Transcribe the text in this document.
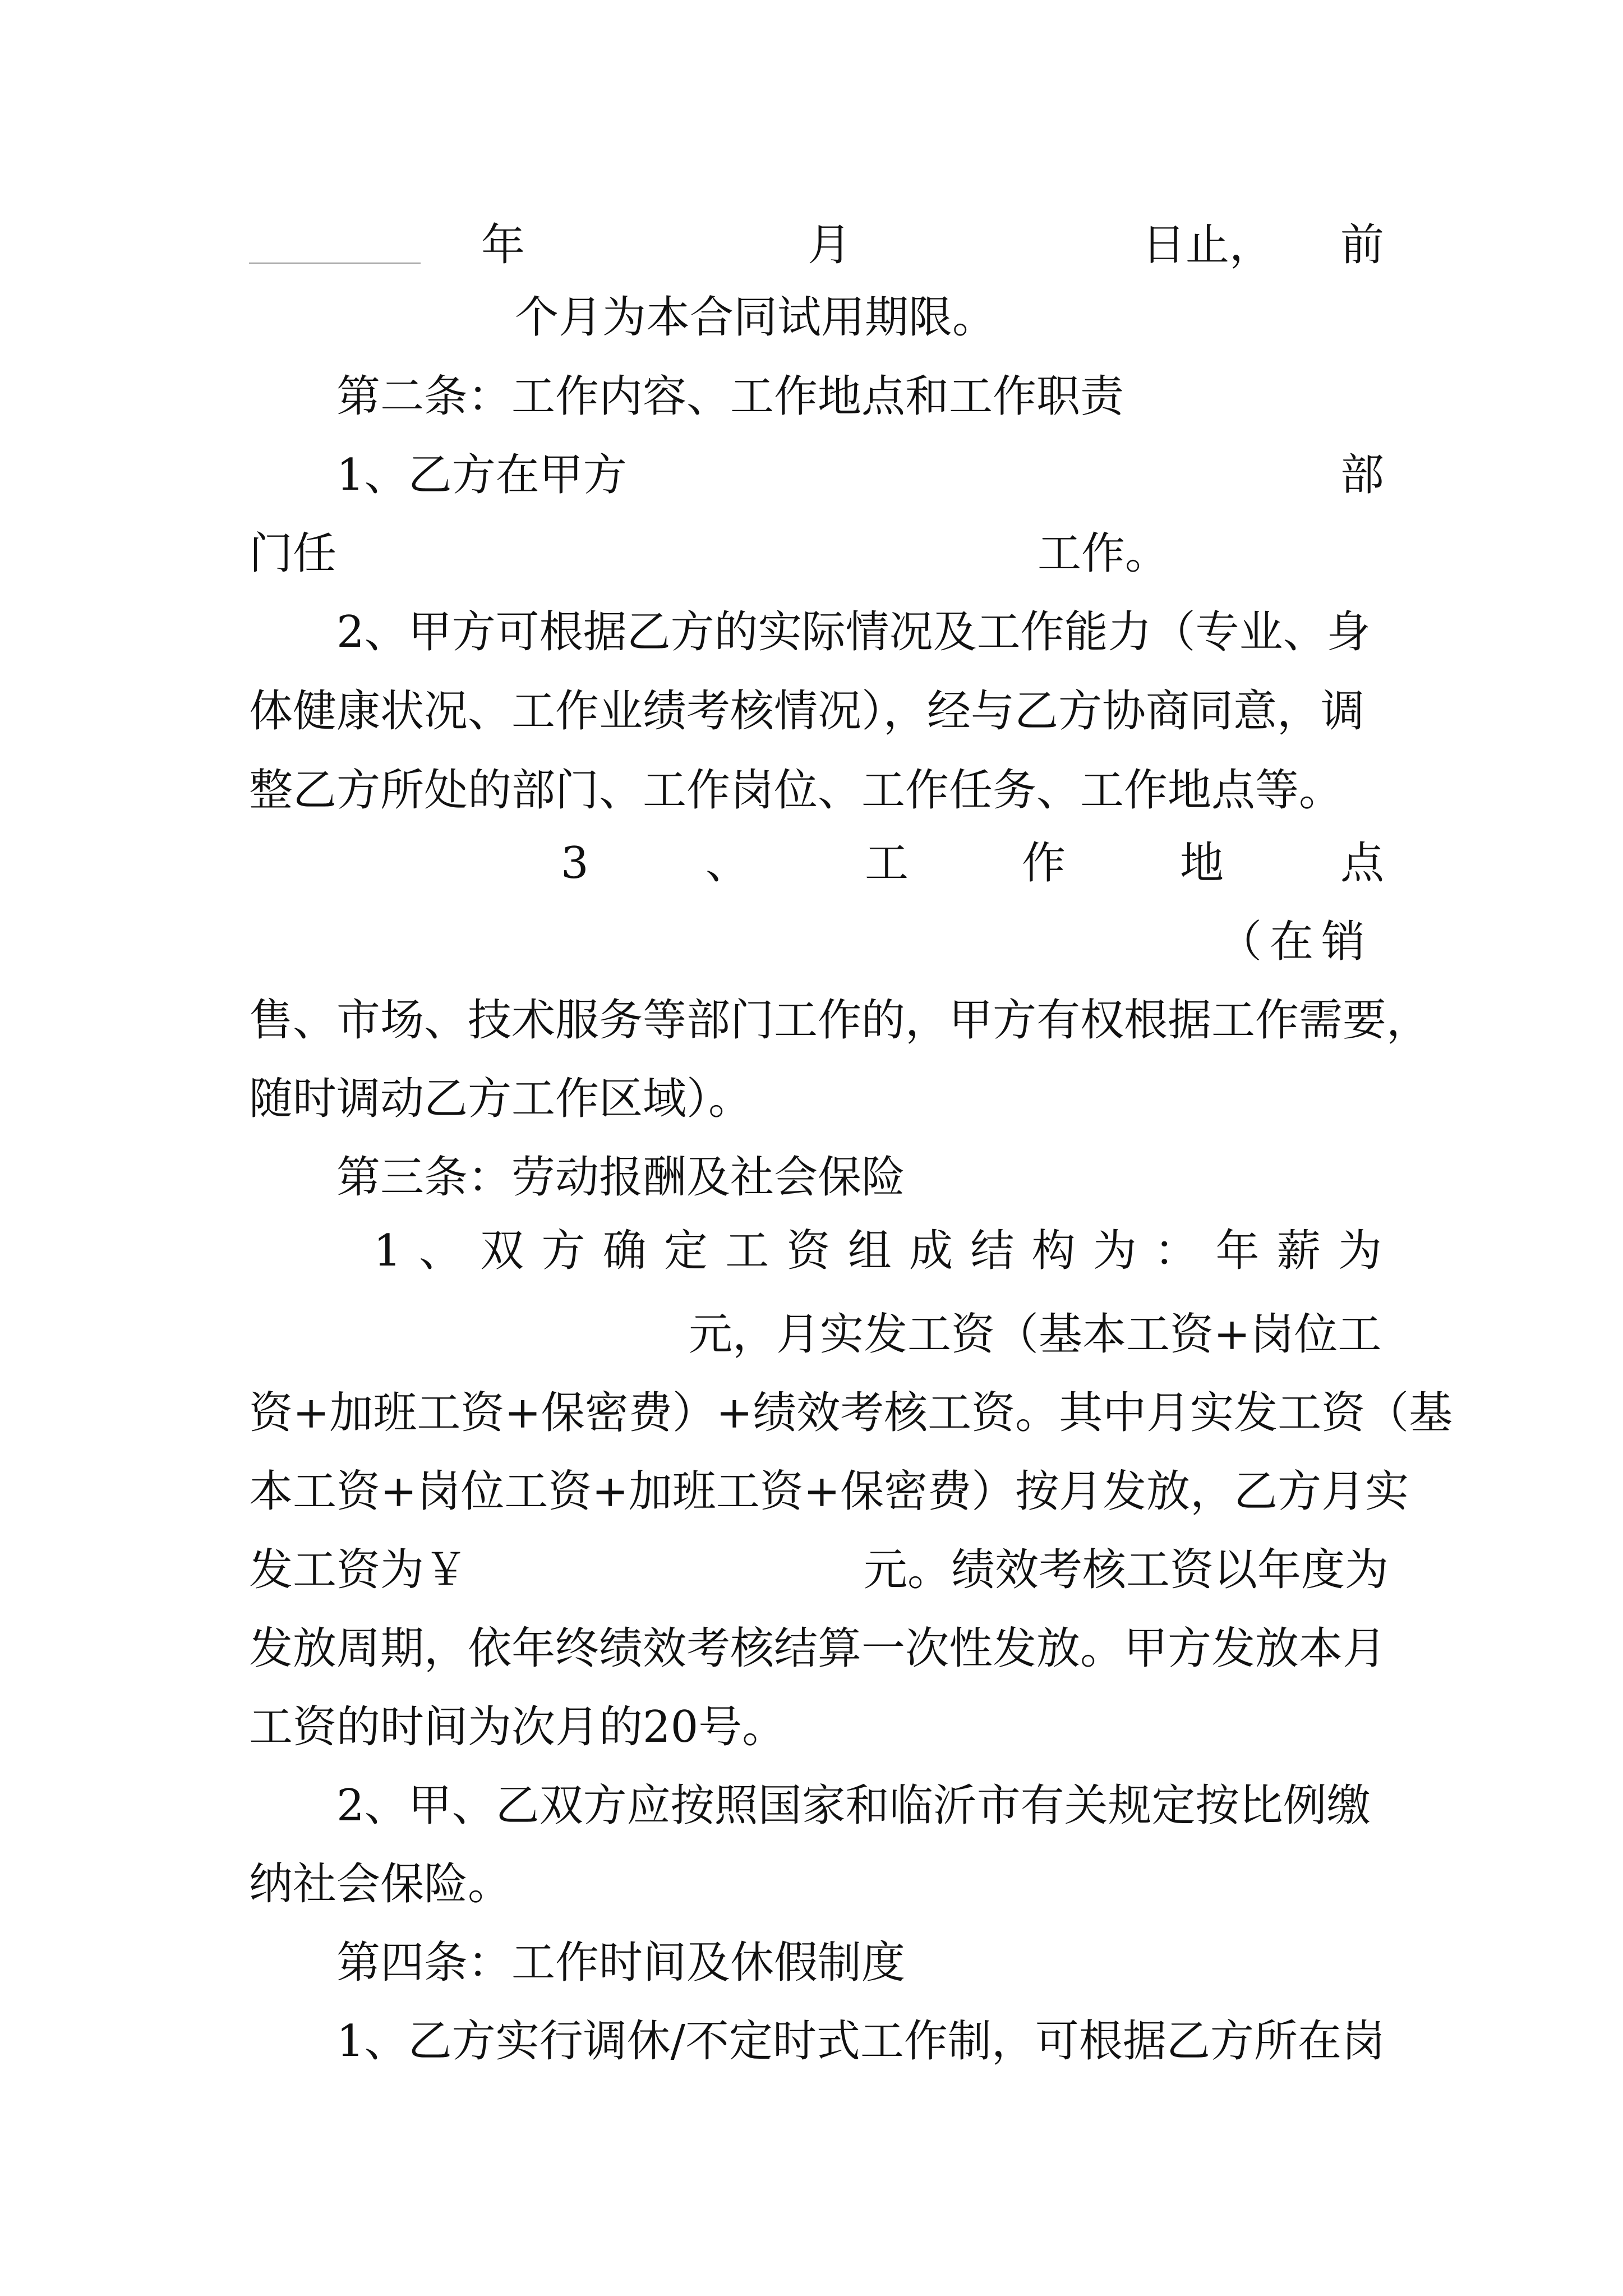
年	月	日止， 前
个月为本合同试用期限。
第二条：工作内容、工作地点和工作职责
1、乙方在甲方	部
门任	工作。
2、甲方可根据乙方的实际情况及工作能力（专业、身
体健康状况、工作业绩考核情况），经与乙方协商同意，调
整乙方所处的部门、工作岗位、工作任务、工作地点等。
3	、	工	作	地	点
（在销
售、市场、技术服务等部门工作的，甲方有权根据工作需要，
随时调动乙方工作区域）。
第三条：劳动报酬及社会保险
1、双方确定工资组成结构为：年薪为
元，月实发工资（基本工资+岗位工
资+加班工资+保密费）+绩效考核工资。其中月实发工资（基
本工资+岗位工资+加班工资+保密费）按月发放，乙方月实
发工资为￥	元。绩效考核工资以年度为
发放周期，依年终绩效考核结算一次性发放。甲方发放本月
工资的时间为次月的20号。
2、甲、乙双方应按照国家和临沂市有关规定按比例缴
纳社会保险。
第四条：工作时间及休假制度
1、乙方实行调休/不定时式工作制，可根据乙方所在岗
